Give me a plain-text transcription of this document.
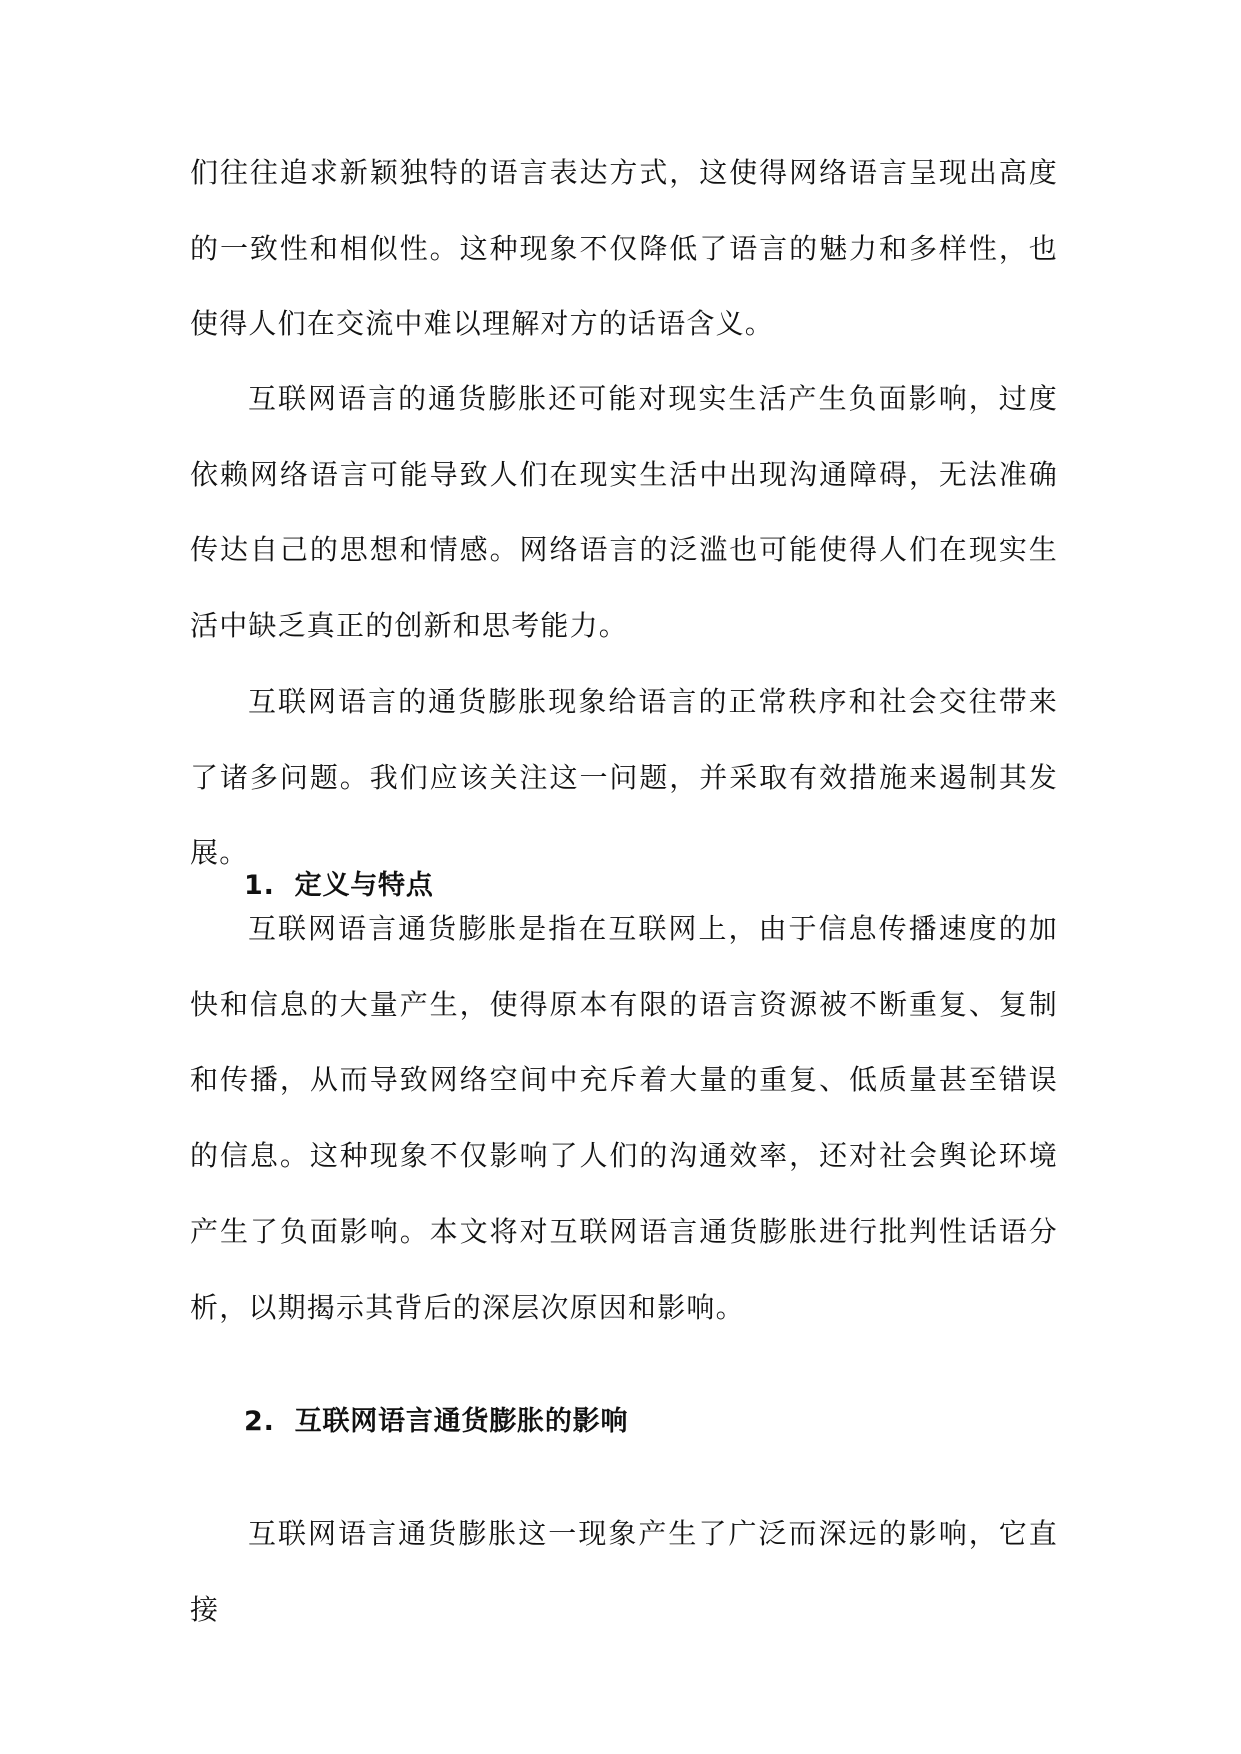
们往往追求新颖独特的语言表达方式，这使得网络语言呈现出高度的一致性和相似性。这种现象不仅降低了语言的魅力和多样性，也使得人们在交流中难以理解对方的话语含义。

互联网语言的通货膨胀还可能对现实生活产生负面影响，过度依赖网络语言可能导致人们在现实生活中出现沟通障碍，无法准确传达自己的思想和情感。网络语言的泛滥也可能使得人们在现实生活中缺乏真正的创新和思考能力。

互联网语言的通货膨胀现象给语言的正常秩序和社会交往带来了诸多问题。我们应该关注这一问题，并采取有效措施来遏制其发展。

1. 定义与特点

互联网语言通货膨胀是指在互联网上，由于信息传播速度的加快和信息的大量产生，使得原本有限的语言资源被不断重复、复制和传播，从而导致网络空间中充斥着大量的重复、低质量甚至错误的信息。这种现象不仅影响了人们的沟通效率，还对社会舆论环境产生了负面影响。本文将对互联网语言通货膨胀进行批判性话语分析，以期揭示其背后的深层次原因和影响。

2. 互联网语言通货膨胀的影响

互联网语言通货膨胀这一现象产生了广泛而深远的影响，它直接
